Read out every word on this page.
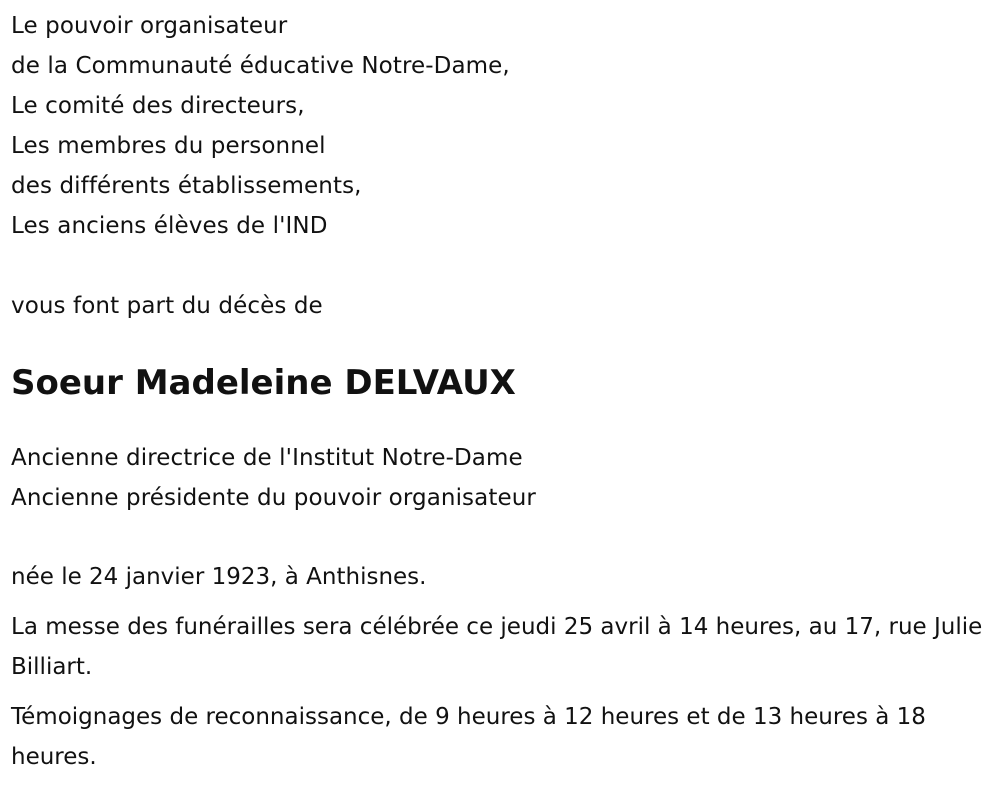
Le pouvoir organisateur
de la Communauté éducative Notre-Dame,
Le comité des directeurs,
Les membres du personnel
des différents établissements,
Les anciens élèves de l'IND
vous font part du décès de
Soeur Madeleine DELVAUX
Ancienne directrice de l'Institut Notre-Dame
Ancienne présidente du pouvoir organisateur
née le 24 janvier 1923, à Anthisnes.
La messe des funérailles sera célébrée ce jeudi 25 avril à 14 heures, au 17, rue Julie Billiart.
Témoignages de reconnaissance, de 9 heures à 12 heures et de 13 heures à 18 heures.
